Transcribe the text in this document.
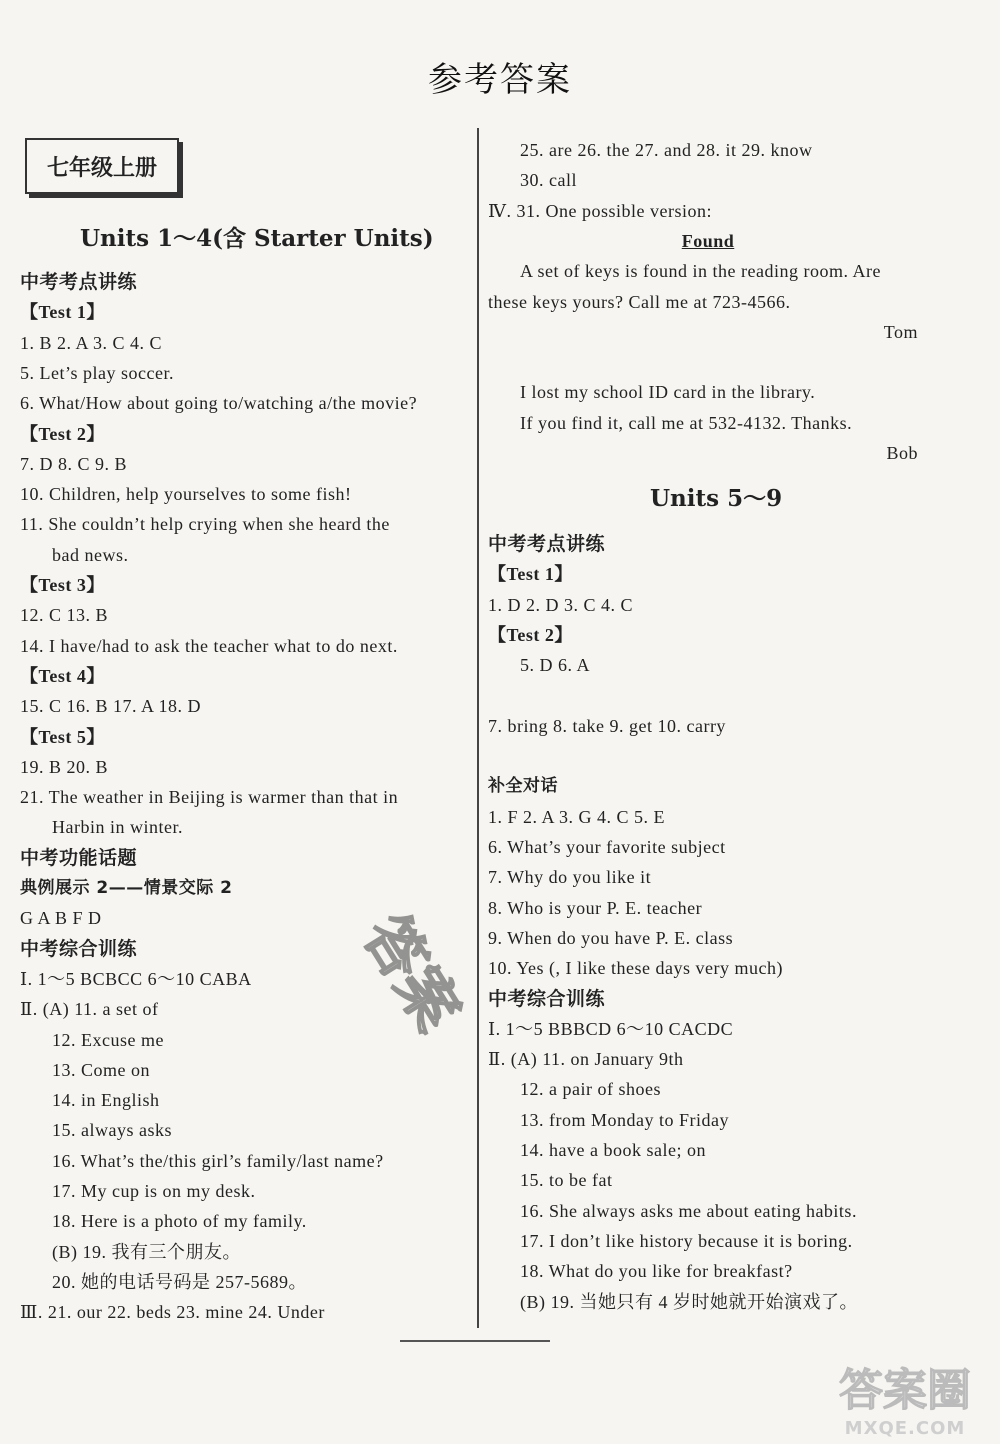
参考答案
七年级上册
Units 1～4(含 Starter Units)
中考考点讲练
【Test 1】
1. B 2. A 3. C 4. C
5. Let’s play soccer.
6. What/How about going to/watching a/the movie?
【Test 2】
7. D 8. C 9. B
10. Children, help yourselves to some fish!
11. She couldn’t help crying when she heard the
bad news.
【Test 3】
12. C 13. B
14. I have/had to ask the teacher what to do next.
【Test 4】
15. C 16. B 17. A 18. D
【Test 5】
19. B 20. B
21. The weather in Beijing is warmer than that in
Harbin in winter.
中考功能话题
典例展示 2——情景交际 2
G A B F D
中考综合训练
Ⅰ. 1～5 BCBCC 6～10 CABA
Ⅱ. (A) 11. a set of
12. Excuse me
13. Come on
14. in English
15. always asks
16. What’s the/this girl’s family/last name?
17. My cup is on my desk.
18. Here is a photo of my family.
(B) 19. 我有三个朋友。
20. 她的电话号码是 257-5689。
Ⅲ. 21. our 22. beds 23. mine 24. Under
Units 5～9
25. are 26. the 27. and 28. it 29. know
30. call
Ⅳ. 31. One possible version:
Found
A set of keys is found in the reading room. Are
these keys yours? Call me at 723-4566.
Tom
I lost my school ID card in the library.
If you find it, call me at 532-4132. Thanks.
Bob
中考考点讲练
【Test 1】
1. D 2. D 3. C 4. C
【Test 2】
5. D 6. A
7. bring 8. take 9. get 10. carry
补全对话
1. F 2. A 3. G 4. C 5. E
6. What’s your favorite subject
7. Why do you like it
8. Who is your P. E. teacher
9. When do you have P. E. class
10. Yes (, I like these days very much)
中考综合训练
Ⅰ. 1～5 BBBCD 6～10 CACDC
Ⅱ. (A) 11. on January 9th
12. a pair of shoes
13. from Monday to Friday
14. have a book sale; on
15. to be fat
16. She always asks me about eating habits.
17. I don’t like history because it is boring.
18. What do you like for breakfast?
(B) 19. 当她只有 4 岁时她就开始演戏了。
答案
答案圈
MXQE.COM
